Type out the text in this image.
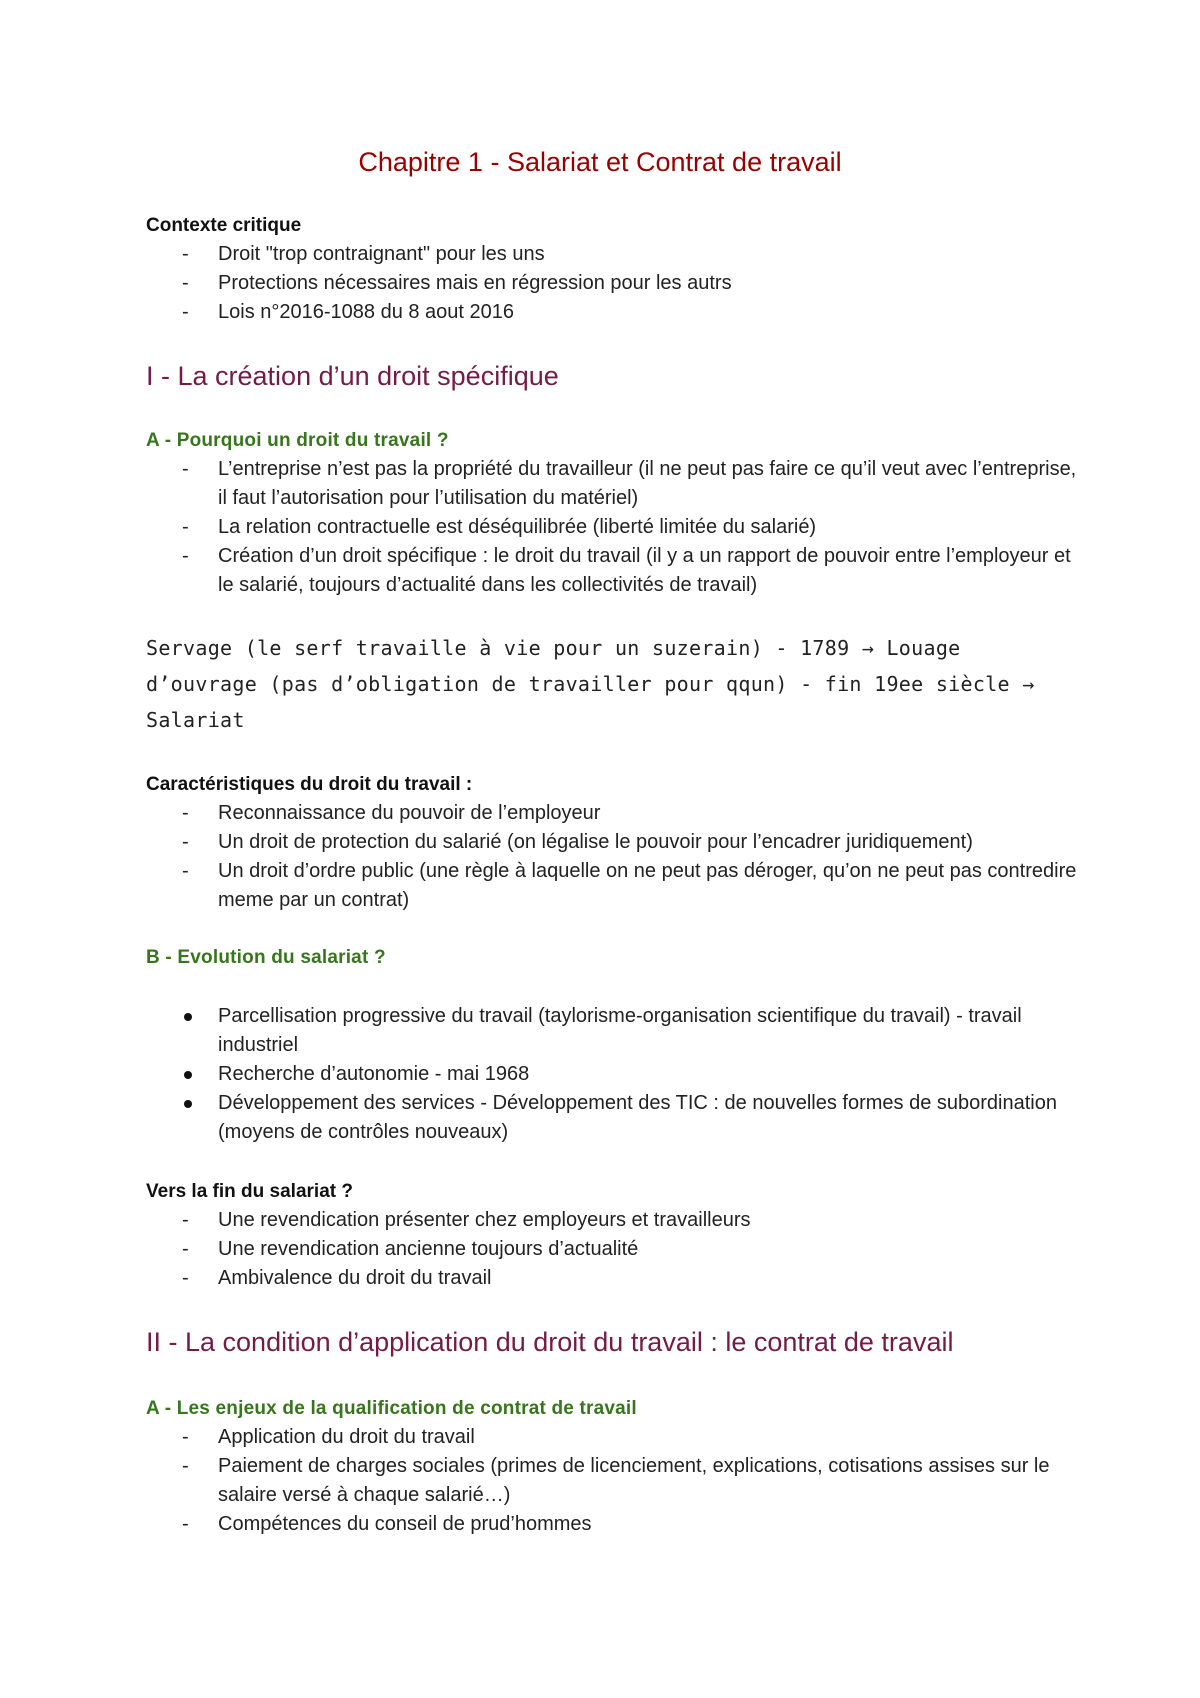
Chapitre 1 - Salariat et Contrat de travail
Contexte critique
-	Droit "trop contraignant" pour les uns
-	Protections nécessaires mais en régression pour les autrs
-	Lois n°2016-1088 du 8 aout 2016
I - La création d’un droit spécifique
A - Pourquoi un droit du travail ?
-	L’entreprise n’est pas la propriété du travailleur (il ne peut pas faire ce qu’il veut avec l’entreprise, il faut l’autorisation pour l’utilisation du matériel)
-	La relation contractuelle est déséquilibrée (liberté limitée du salarié)
-	Création d’un droit spécifique : le droit du travail (il y a un rapport de pouvoir entre l’employeur et le salarié, toujours d’actualité dans les collectivités de travail)
Servage (le serf travaille à vie pour un suzerain) - 1789 → Louage d’ouvrage (pas d’obligation de travailler pour qqun) - fin 19ee siècle → Salariat
Caractéristiques du droit du travail :
-	Reconnaissance du pouvoir de l’employeur
-	Un droit de protection du salarié (on légalise le pouvoir pour l’encadrer juridiquement)
-	Un droit d’ordre public (une règle à laquelle on ne peut pas déroger, qu’on ne peut pas contredire meme par un contrat)
B - Evolution du salariat ?
Parcellisation progressive du travail (taylorisme-organisation scientifique du travail) - travail industriel
Recherche d’autonomie - mai 1968
Développement des services - Développement des TIC : de nouvelles formes de subordination (moyens de contrôles nouveaux)
Vers la fin du salariat ?
-	Une revendication présenter chez employeurs et travailleurs
-	Une revendication ancienne toujours d’actualité
-	Ambivalence du droit du travail
II - La condition d’application du droit du travail : le contrat de travail
A - Les enjeux de la qualification de contrat de travail
-	Application du droit du travail
-	Paiement de charges sociales (primes de licenciement, explications, cotisations assises sur le salaire versé à chaque salarié…)
-	Compétences du conseil de prud’hommes
